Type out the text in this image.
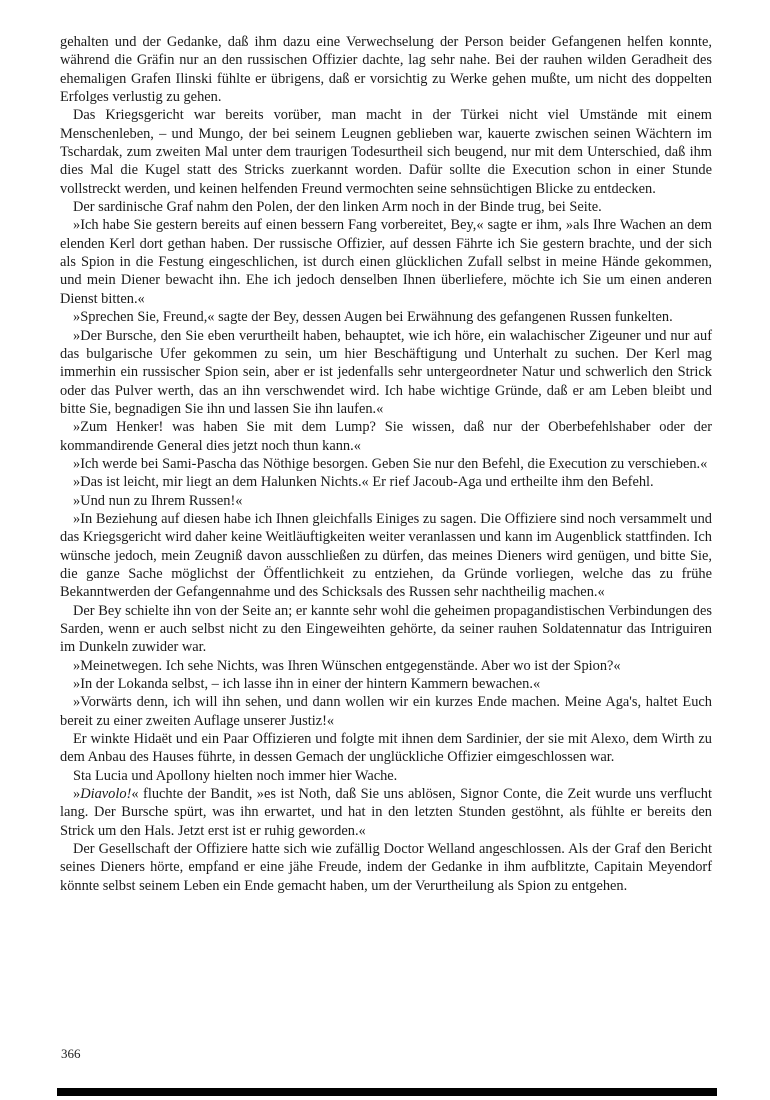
gehalten und der Gedanke, daß ihm dazu eine Verwechselung der Person beider Gefangenen helfen konnte, während die Gräfin nur an den russischen Offizier dachte, lag sehr nahe. Bei der rauhen wilden Geradheit des ehemaligen Grafen Ilinski fühlte er übrigens, daß er vorsichtig zu Werke gehen mußte, um nicht des doppelten Erfolges verlustig zu gehen.

Das Kriegsgericht war bereits vorüber, man macht in der Türkei nicht viel Umstände mit einem Menschenleben, – und Mungo, der bei seinem Leugnen geblieben war, kauerte zwischen seinen Wächtern im Tschardak, zum zweiten Mal unter dem traurigen Todesurtheil sich beugend, nur mit dem Unterschied, daß ihm dies Mal die Kugel statt des Stricks zuerkannt worden. Dafür sollte die Execution schon in einer Stunde vollstreckt werden, und keinen helfenden Freund vermochten seine sehnsüchtigen Blicke zu entdecken.

Der sardinische Graf nahm den Polen, der den linken Arm noch in der Binde trug, bei Seite.

»Ich habe Sie gestern bereits auf einen bessern Fang vorbereitet, Bey,« sagte er ihm, »als Ihre Wachen an dem elenden Kerl dort gethan haben. Der russische Offizier, auf dessen Fährte ich Sie gestern brachte, und der sich als Spion in die Festung eingeschlichen, ist durch einen glücklichen Zufall selbst in meine Hände gekommen, und mein Diener bewacht ihn. Ehe ich jedoch denselben Ihnen überliefere, möchte ich Sie um einen anderen Dienst bitten.«

»Sprechen Sie, Freund,« sagte der Bey, dessen Augen bei Erwähnung des gefangenen Russen funkelten.

»Der Bursche, den Sie eben verurtheilt haben, behauptet, wie ich höre, ein walachischer Zigeuner und nur auf das bulgarische Ufer gekommen zu sein, um hier Beschäftigung und Unterhalt zu suchen. Der Kerl mag immerhin ein russischer Spion sein, aber er ist jedenfalls sehr untergeordneter Natur und schwerlich den Strick oder das Pulver werth, das an ihn verschwendet wird. Ich habe wichtige Gründe, daß er am Leben bleibt und bitte Sie, begnadigen Sie ihn und lassen Sie ihn laufen.«

»Zum Henker! was haben Sie mit dem Lump? Sie wissen, daß nur der Oberbefehlshaber oder der kommandirende General dies jetzt noch thun kann.«

»Ich werde bei Sami-Pascha das Nöthige besorgen. Geben Sie nur den Befehl, die Execution zu verschieben.«

»Das ist leicht, mir liegt an dem Halunken Nichts.« Er rief Jacoub-Aga und ertheilte ihm den Befehl.

»Und nun zu Ihrem Russen!«

»In Beziehung auf diesen habe ich Ihnen gleichfalls Einiges zu sagen. Die Offiziere sind noch versammelt und das Kriegsgericht wird daher keine Weitläuftigkeiten weiter veranlassen und kann im Augenblick stattfinden. Ich wünsche jedoch, mein Zeugniß davon ausschließen zu dürfen, das meines Dieners wird genügen, und bitte Sie, die ganze Sache möglichst der Öffentlichkeit zu entziehen, da Gründe vorliegen, welche das zu frühe Bekanntwerden der Gefangennahme und des Schicksals des Russen sehr nachtheilig machen.«

Der Bey schielte ihn von der Seite an; er kannte sehr wohl die geheimen propagandistischen Verbindungen des Sarden, wenn er auch selbst nicht zu den Eingeweihten gehörte, da seiner rauhen Soldatennatur das Intriguiren im Dunkeln zuwider war.

»Meinetwegen. Ich sehe Nichts, was Ihren Wünschen entgegenstände. Aber wo ist der Spion?«

»In der Lokanda selbst, – ich lasse ihn in einer der hintern Kammern bewachen.«

»Vorwärts denn, ich will ihn sehen, und dann wollen wir ein kurzes Ende machen. Meine Aga's, haltet Euch bereit zu einer zweiten Auflage unserer Justiz!«

Er winkte Hidaët und ein Paar Offizieren und folgte mit ihnen dem Sardinier, der sie mit Alexo, dem Wirth zu dem Anbau des Hauses führte, in dessen Gemach der unglückliche Offizier eimgeschlossen war.

Sta Lucia und Apollony hielten noch immer hier Wache.

»Diavolo!« fluchte der Bandit, »es ist Noth, daß Sie uns ablösen, Signor Conte, die Zeit wurde uns verflucht lang. Der Bursche spürt, was ihn erwartet, und hat in den letzten Stunden gestöhnt, als fühlte er bereits den Strick um den Hals. Jetzt erst ist er ruhig geworden.«

Der Gesellschaft der Offiziere hatte sich wie zufällig Doctor Welland angeschlossen. Als der Graf den Bericht seines Dieners hörte, empfand er eine jähe Freude, indem der Gedanke in ihm aufblitzte, Capitain Meyendorf könnte selbst seinem Leben ein Ende gemacht haben, um der Verurtheilung als Spion zu entgehen.

366
